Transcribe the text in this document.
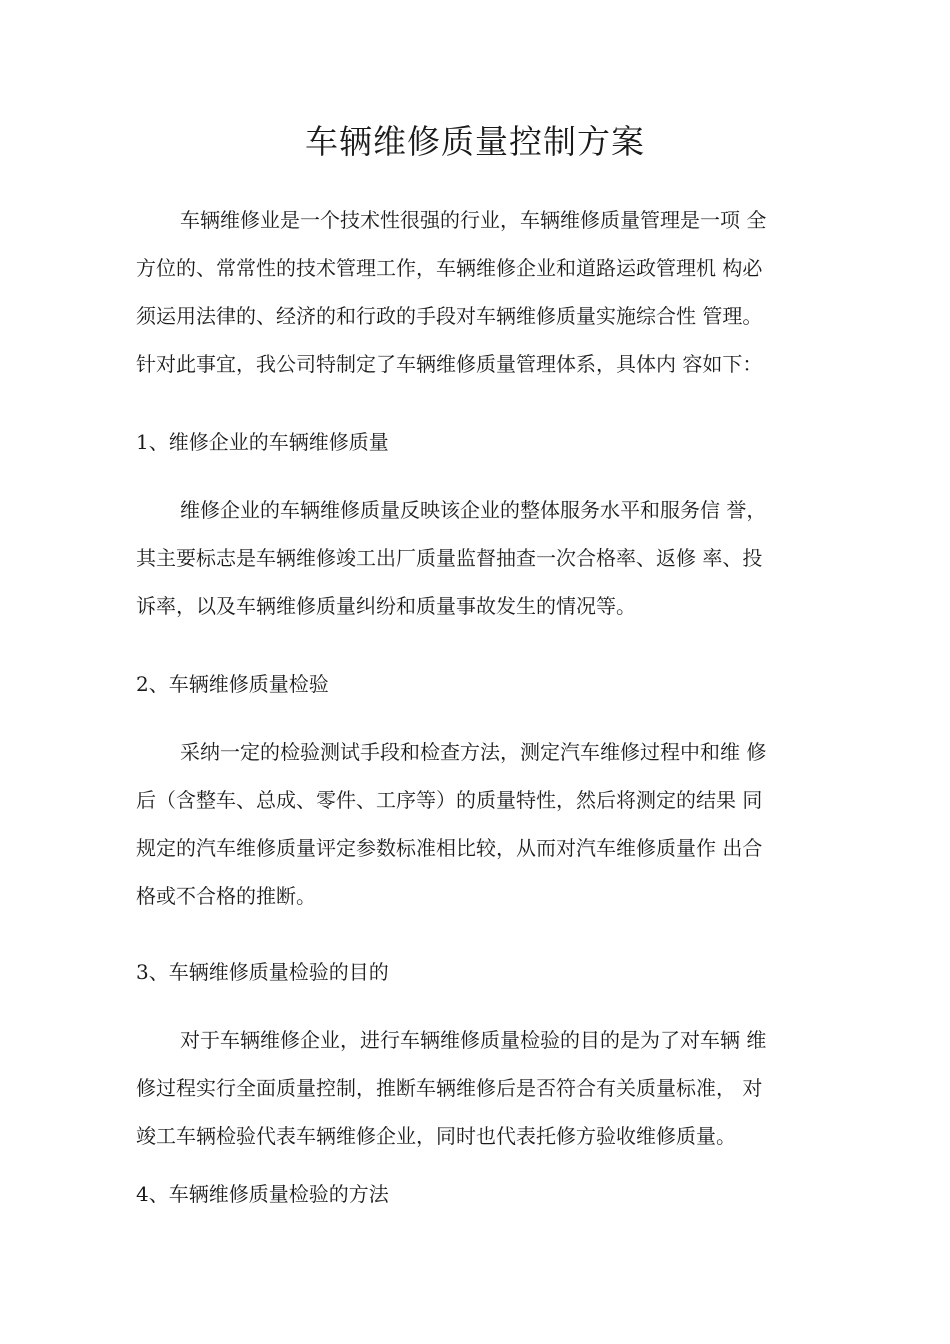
车辆维修质量控制方案
车辆维修业是一个技术性很强的行业，车辆维修质量管理是一项 全
方位的、常常性的技术管理工作，车辆维修企业和道路运政管理机 构必
须运用法律的、经济的和行政的手段对车辆维修质量实施综合性 管理。
针对此事宜，我公司特制定了车辆维修质量管理体系，具体内 容如下：
1、维修企业的车辆维修质量
维修企业的车辆维修质量反映该企业的整体服务水平和服务信 誉，
其主要标志是车辆维修竣工出厂质量监督抽查一次合格率、返修 率、投
诉率，以及车辆维修质量纠纷和质量事故发生的情况等。
2、车辆维修质量检验
采纳一定的检验测试手段和检查方法，测定汽车维修过程中和维 修
后（含整车、总成、零件、工序等）的质量特性，然后将测定的结果 同
规定的汽车维修质量评定参数标准相比较，从而对汽车维修质量作 出合
格或不合格的推断。
3、车辆维修质量检验的目的
对于车辆维修企业，进行车辆维修质量检验的目的是为了对车辆 维
修过程实行全面质量控制，推断车辆维修后是否符合有关质量标准， 对
竣工车辆检验代表车辆维修企业，同时也代表托修方验收维修质量。
4、车辆维修质量检验的方法
